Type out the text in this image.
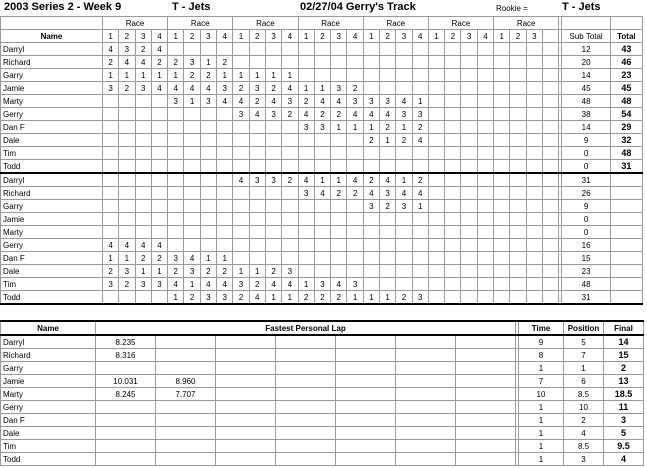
2003 Series 2 - Week 9	T - Jets	02/27/04 Gerry's Track	Rookie =	T - Jets
	Race				Race				Race				Race				Race				Race				Race						
Name	1	2	3	4	1	2	3	4	1	2	3	4	1	2	3	4	1	2	3	4	1	2	3	4	1	2	3			Sub Total	Total
Darryl	4	3	2	4																										12	43
Richard	2	4	4	2	2	3	1	2																						20	46
Garry	1	1	1	1	1	2	2	1	1	1	1	1																		14	23
Jamie	3	2	3	4	4	4	4	3	2	3	2	4	1	1	3	2														45	45
Marty					3	1	3	4	4	2	4	3	2	4	4	3	3	3	4	1										48	48
Gerry									3	4	3	2	4	2	2	4	4	4	3	3										38	54
Dan F													3	3	1	1	1	2	1	2										14	29
Dale																	2	1	2	4										9	32
Tim																														0	48
Todd																														0	31
Darryl									4	3	3	2	4	1	1	4	2	4	1	2										31	
Richard													3	4	2	2	4	3	4	4										26	
Garry																	3	2	3	1										9	
Jamie																														0	
Marty																														0	
Gerry	4	4	4	4																										16	
Dan F	1	1	2	2	3	4	1	1																						15	
Dale	2	3	1	1	2	3	2	2	1	1	2	3																		23	
Tim	3	2	3	3	4	1	4	4	3	2	4	4	1	3	4	3														48	
Todd					1	2	3	3	2	4	1	1	2	2	2	1	1	1	2	3										31	
Name	Fastest Personal Lap								Time	Position	Final
Darryl	8.235								9	5	14
Richard	8.316								8	7	15
Garry									1	1	2
Jamie	10.031	8.960							7	6	13
Marty	8.245	7.707							10	8.5	18.5
Gerry									1	10	11
Dan F									1	2	3
Dale									1	4	5
Tim									1	8.5	9.5
Todd									1	3	4
